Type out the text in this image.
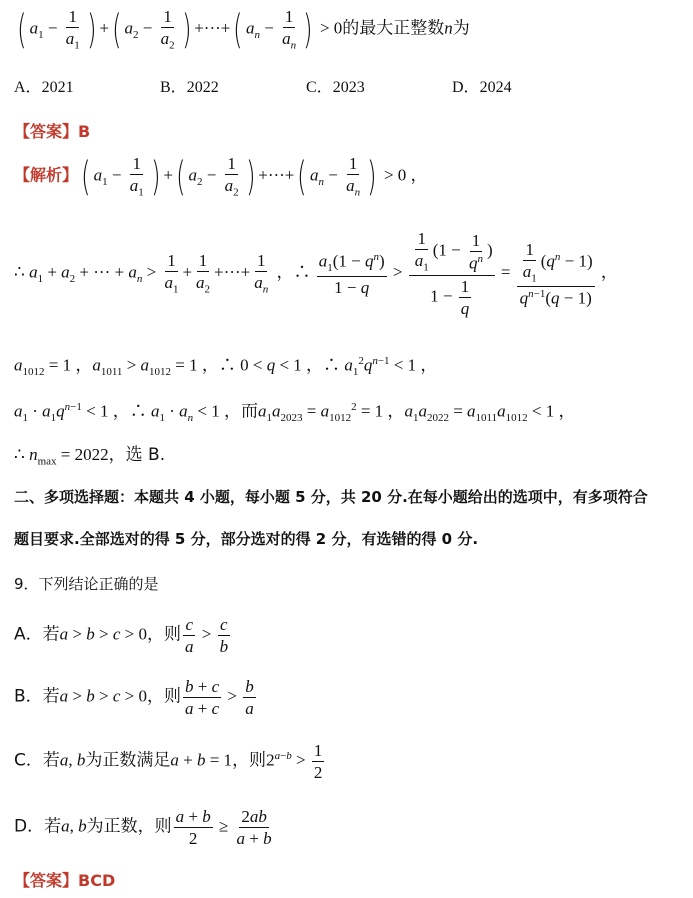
( $a_1 - \frac{1}{a_1}$ ) +( $a_2 - \frac{1}{a_2}$ ) +···+( $a_n - \frac{1}{a_n}$ ) > 0的最大正整数n为
A．2021	B．2022	C．2023	D．2024
【答案】B
【解析】( $a_1 - \frac{1}{a_1}$ ) +( $a_2 - \frac{1}{a_2}$ ) +···+( $a_n - \frac{1}{a_n}$ ) > 0 ，
∴ $a_1 + a_2$ + ··· + $a_n > \frac{1}{a_1} + \frac{1}{a_2}$ +···+ $\frac{1}{a_n}$ ，∴ $\frac{a_1(1 - q^n)}{1 - q} > \frac{\frac{1}{a_1} (1 - \frac{1}{q^n} )}{1 - \frac{1}{q}} = \frac{\frac{1}{a_1} (q^n - 1)}{q^{n-1}(q - 1)}$ ，
$a_{1012} = 1$ ，$a_{1011} > a_{1012} = 1$ ，∴ 0 < q < 1 ，∴ $a_1^2q^{n-1} < 1$ ，
$a_1 \cdot a_1q^{n-1} < 1$ ，∴ $a_1 \cdot a_n < 1$ ，而$a_1a_{2023} = a_{1012}^2 = 1$ ，$a_1a_{2022} = a_{1011}a_{1012} < 1$ ，
∴ $n_{max} = 2022$，选 B.
二、多项选择题：本题共 4 小题，每小题 5 分，共 20 分.在每小题给出的选项中，有多项符合
题目要求.全部选对的得 5 分，部分选对的得 2 分，有选错的得 0 分.
9．下列结论正确的是
A．若a > b > c > 0，则 $\frac{c}{a} > \frac{c}{b}$
B．若a > b > c > 0，则 $\frac{b + c}{a + c} > \frac{b}{a}$
C．若a, b为正数满足a + b = 1，则$2^{a-b} > \frac{1}{2}$
D．若a, b为正数，则 $\frac{a + b}{2} \ge \frac{2ab}{a + b}$
【答案】BCD
